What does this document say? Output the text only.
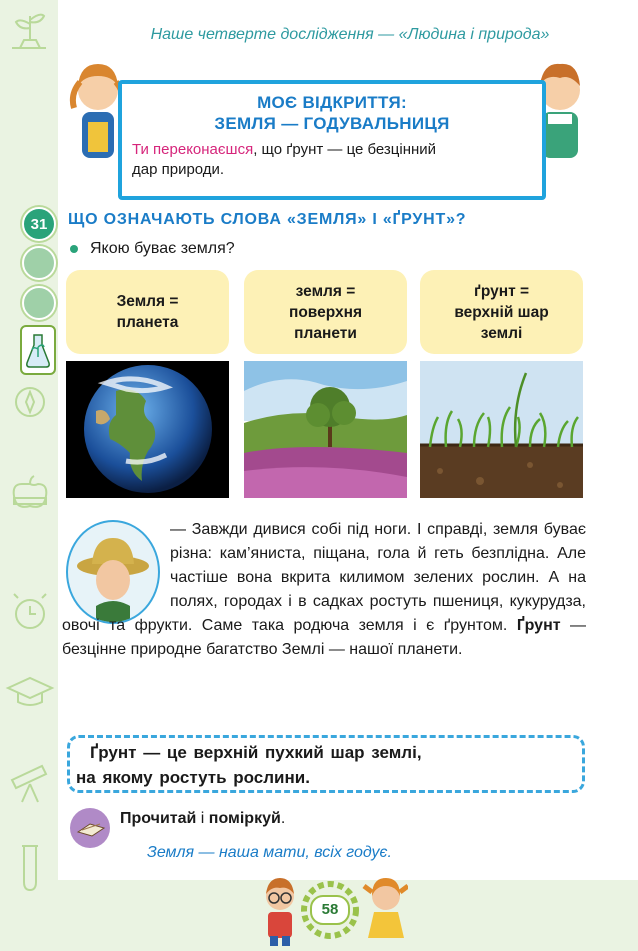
Наше четверте дослідження — «Людина і природа»
МОЄ ВІДКРИТТЯ:
ЗЕМЛЯ — ГОДУВАЛЬНИЦЯ
Ти переконаєшся, що ґрунт — це безцінний
дар природи.
31	ЩО ОЗНАЧАЮТЬ СЛОВА «ЗЕМЛЯ» І «ҐРУНТ»?
Якою буває земля?
Земля =
планета
земля =
поверхня
планети
ґрунт =
верхній шар
землі
— Завжди дивися собі під ноги. І справді, земля буває різна: кам’яниста, піщана, гола й геть безплідна. Але частіше вона вкрита килимом зелених рослин. А на полях, городах і в садках ростуть пшениця, кукурудза, овочі та фрукти. Саме така родюча земля і є ґрунтом. Ґрунт — безцінне природне багатство Землі — нашої планети.
Ґрунт — це верхній пухкий шар землі,
на якому ростуть рослини.
Прочитай і поміркуй.
Земля — наша мати, всіх годує.
58
